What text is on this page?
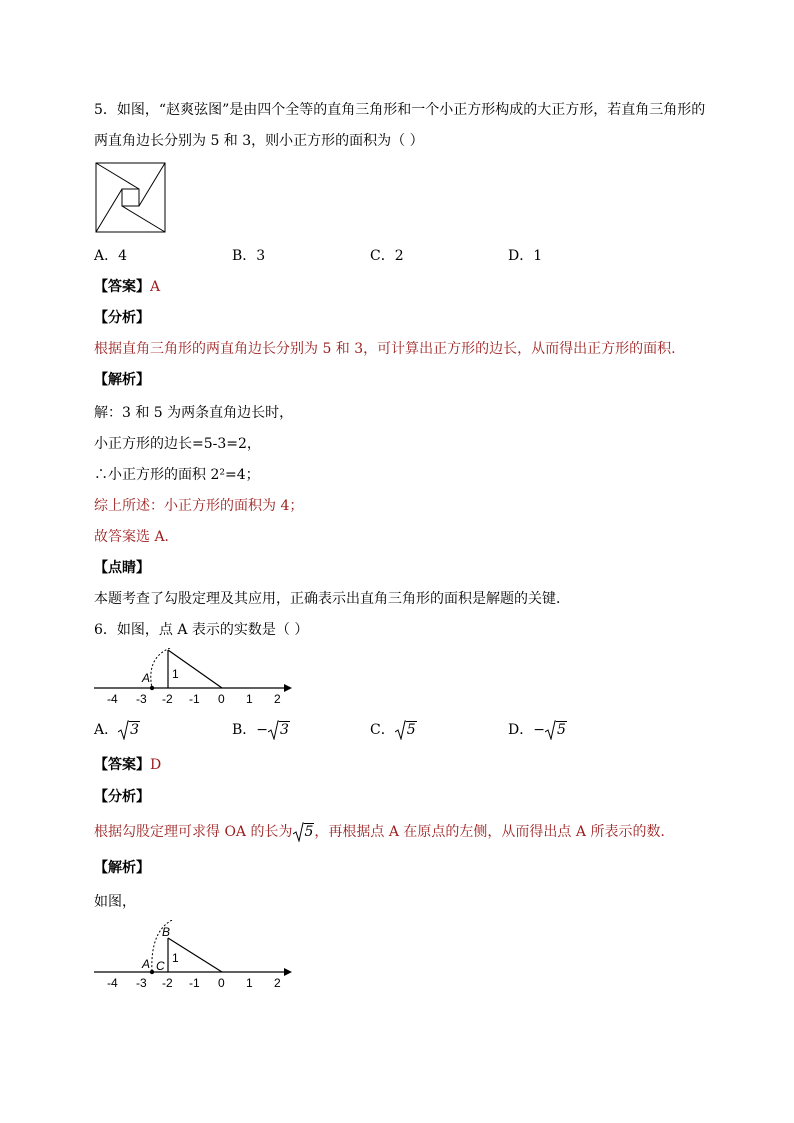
5．如图，“赵爽弦图”是由四个全等的直角三角形和一个小正方形构成的大正方形，若直角三角形的
两直角边长分别为 5 和 3，则小正方形的面积为（ ）
A．4	B．3	C．2	D．1
【答案】A
【分析】
根据直角三角形的两直角边长分别为 5 和 3，可计算出正方形的边长，从而得出正方形的面积.
【解析】
解：3 和 5 为两条直角边长时，
小正方形的边长=5-3=2，
∴小正方形的面积 2²=4；
综上所述：小正方形的面积为 4；
故答案选 A．
【点睛】
本题考查了勾股定理及其应用，正确表示出直角三角形的面积是解题的关键．
6．如图，点 A 表示的实数是（ ）
A 1
-4 -3 -2 -1 0 1 2
A． 3	B．− 3	C． 5	D．− 5
【答案】D
【分析】
根据勾股定理可求得 OA 的长为 5，再根据点 A 在原点的左侧，从而得出点 A 所表示的数．
【解析】
如图，
B
A C
1
-4 -3 -2 -1 0 1 2
